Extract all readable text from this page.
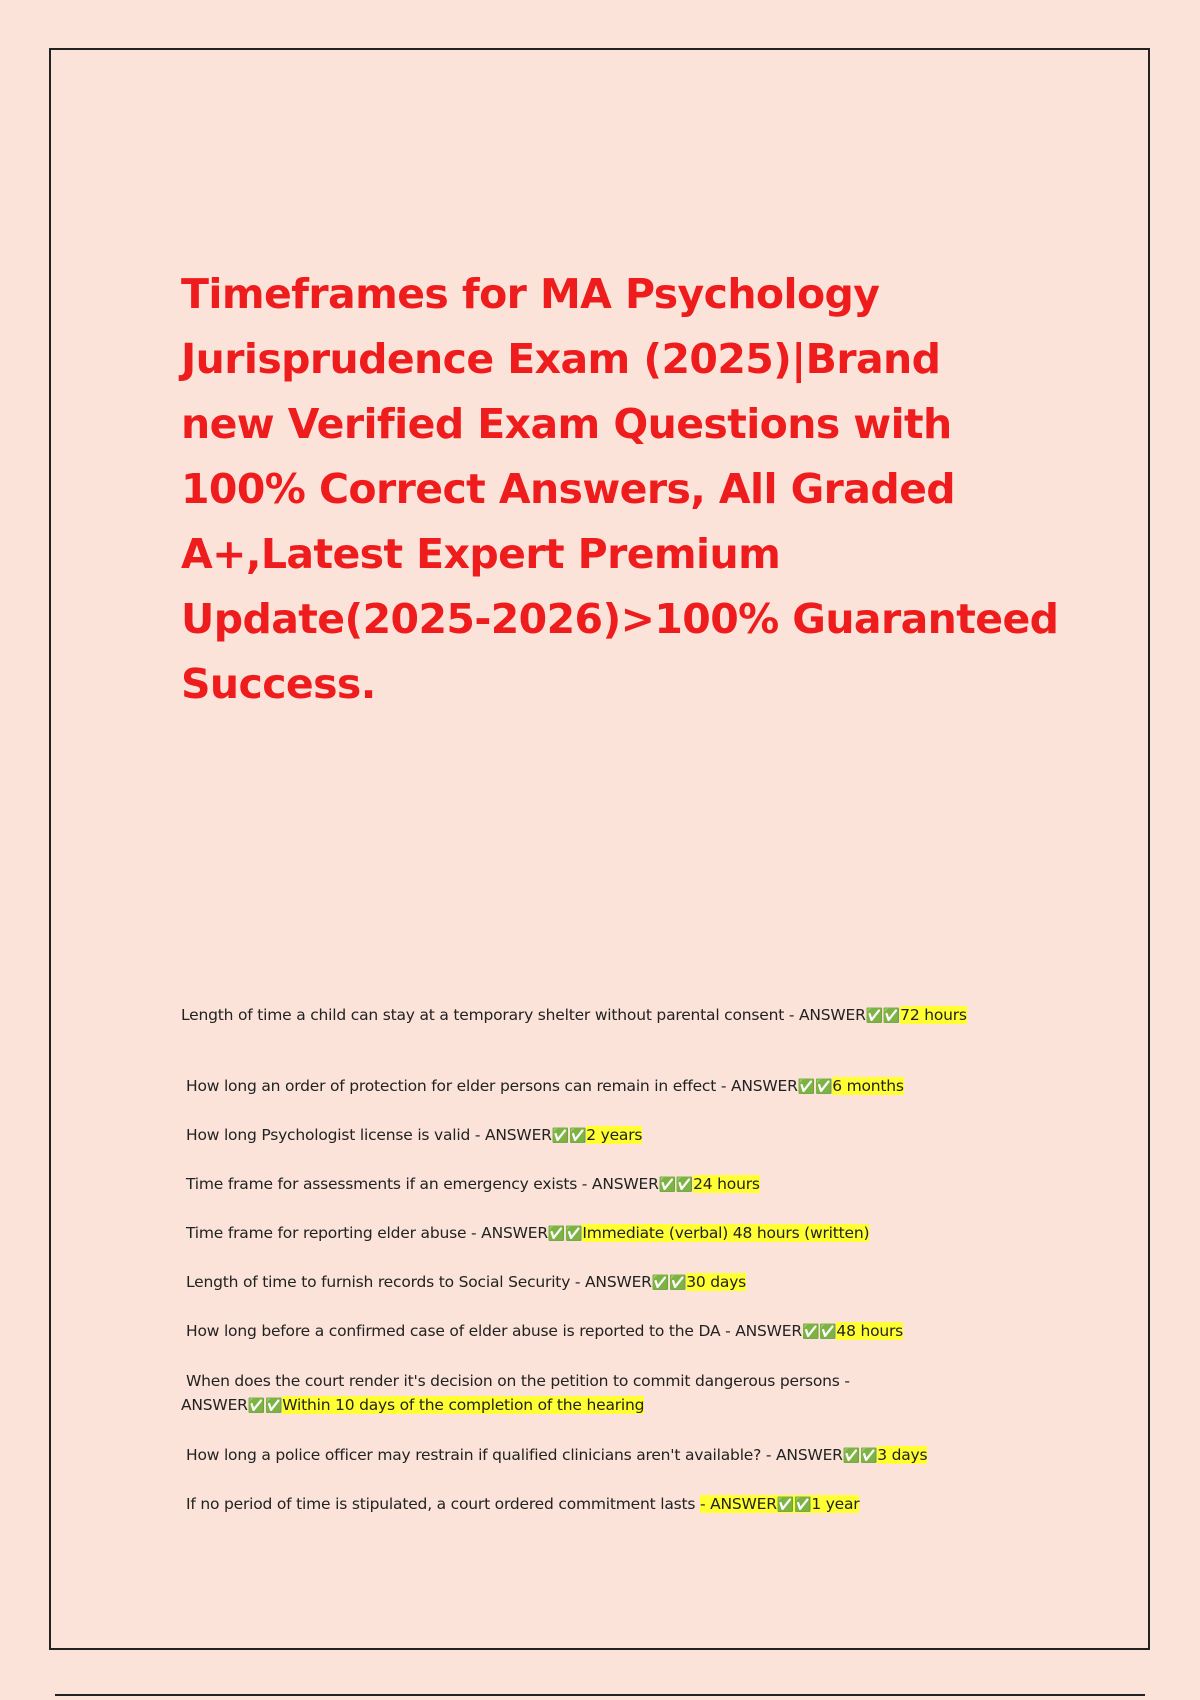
Timeframes for MA Psychology
Jurisprudence Exam (2025)|Brand
new Verified Exam Questions with
100% Correct Answers, All Graded
A+,Latest Expert Premium
Update(2025-2026)>100% Guaranteed
Success.
Length of time a child can stay at a temporary shelter without parental consent - ANSWER✅✅72 hours
How long an order of protection for elder persons can remain in effect - ANSWER✅✅6 months
How long Psychologist license is valid - ANSWER✅✅2 years
Time frame for assessments if an emergency exists - ANSWER✅✅24 hours
Time frame for reporting elder abuse - ANSWER✅✅Immediate (verbal) 48 hours (written)
Length of time to furnish records to Social Security - ANSWER✅✅30 days
How long before a confirmed case of elder abuse is reported to the DA - ANSWER✅✅48 hours
When does the court render it's decision on the petition to commit dangerous persons - ANSWER✅✅Within 10 days of the completion of the hearing
How long a police officer may restrain if qualified clinicians aren't available? - ANSWER✅✅3 days
If no period of time is stipulated, a court ordered commitment lasts - ANSWER✅✅1 year
